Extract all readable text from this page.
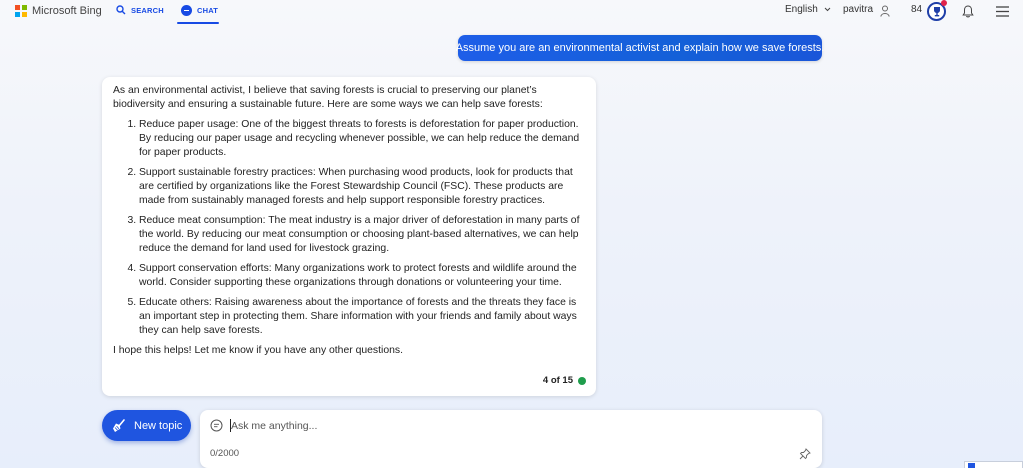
Microsoft Bing	SEARCH	CHAT	English	pavitra	84
Assume you are an environmental activist and explain how we save forests.

As an environmental activist, I believe that saving forests is crucial to preserving our planet’s biodiversity and ensuring a sustainable future. Here are some ways we can help save forests:

1. Reduce paper usage: One of the biggest threats to forests is deforestation for paper production. By reducing our paper usage and recycling whenever possible, we can help reduce the demand for paper products.
2. Support sustainable forestry practices: When purchasing wood products, look for products that are certified by organizations like the Forest Stewardship Council (FSC). These products are made from sustainably managed forests and help support responsible forestry practices.
3. Reduce meat consumption: The meat industry is a major driver of deforestation in many parts of the world. By reducing our meat consumption or choosing plant-based alternatives, we can help reduce the demand for land used for livestock grazing.
4. Support conservation efforts: Many organizations work to protect forests and wildlife around the world. Consider supporting these organizations through donations or volunteering your time.
5. Educate others: Raising awareness about the importance of forests and the threats they face is an important step in protecting them. Share information with your friends and family about ways they can help save forests.

I hope this helps! Let me know if you have any other questions.

4 of 15
New topic
Ask me anything...
0/2000
